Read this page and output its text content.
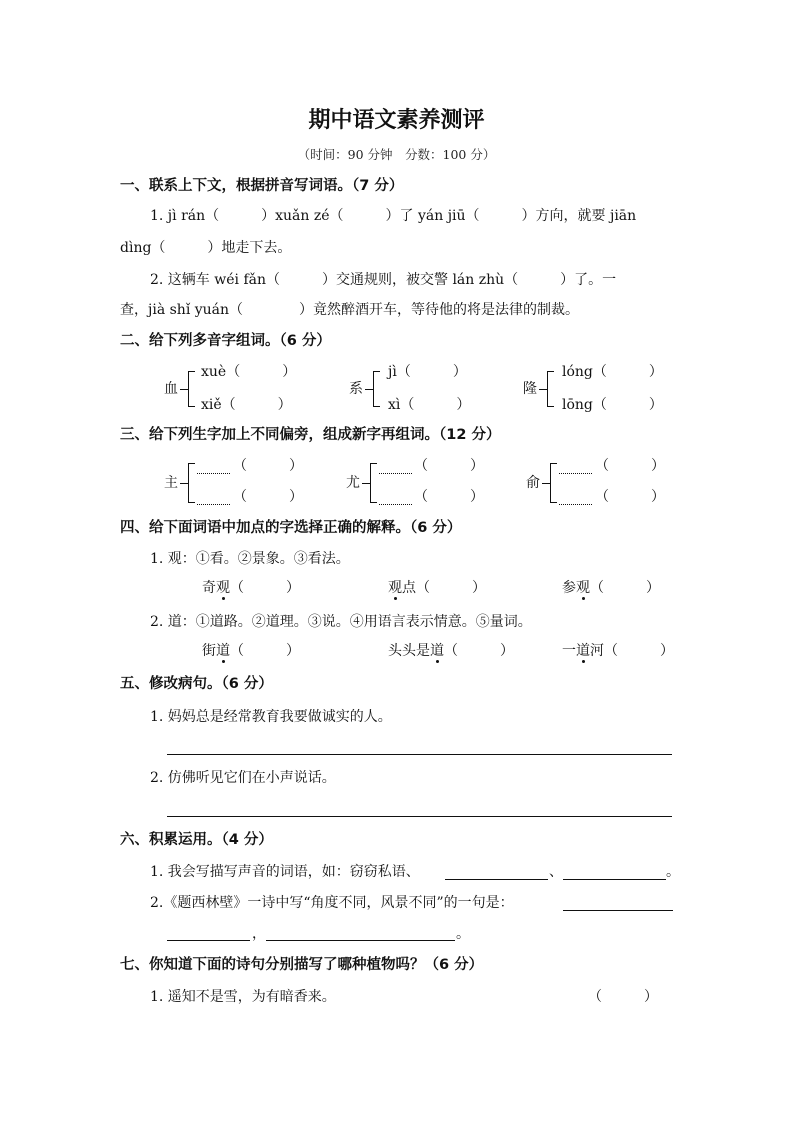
期中语文素养测评
（时间：90 分钟　分数：100 分）
一、联系上下文，根据拼音写词语。（7 分）
1. jì rán（　　　）xuǎn zé（　　　）了 yán jiū（　　　）方向，就要 jiān
dìng（　　　）地走下去。
2. 这辆车 wéi fǎn（　　　）交通规则，被交警 lán zhù（　　　）了。一
查，jià shǐ yuán（　　　　）竟然醉酒开车，等待他的将是法律的制裁。
二、给下列多音字组词。（6 分）
血
xuè（　　　）
xiě（　　　）
系
jì（　　　）
xì（　　　）
隆
lóng（　　　）
lōng（　　　）
三、给下列生字加上不同偏旁，组成新字再组词。（12 分）
主
（　　　）
（　　　）
尤
（　　　）
（　　　）
俞
（　　　）
（　　　）
四、给下面词语中加点的字选择正确的解释。（6 分）
1. 观：①看。②景象。③看法。
奇观（　　　）	观点（　　　）	参观（　　　）
2. 道：①道路。②道理。③说。④用语言表示情意。⑤量词。
街道（　　　）	头头是道（　　　）	一道河（　　　）
五、修改病句。（6 分）
1. 妈妈总是经常教育我要做诚实的人。
2. 仿佛听见它们在小声说话。
六、积累运用。（4 分）
1. 我会写描写声音的词语，如：窃窃私语、	、	。
2.《题西林壁》一诗中写“角度不同，风景不同”的一句是：
，	。
七、你知道下面的诗句分别描写了哪种植物吗？（6 分）
1. 遥知不是雪，为有暗香来。	（　　　）
